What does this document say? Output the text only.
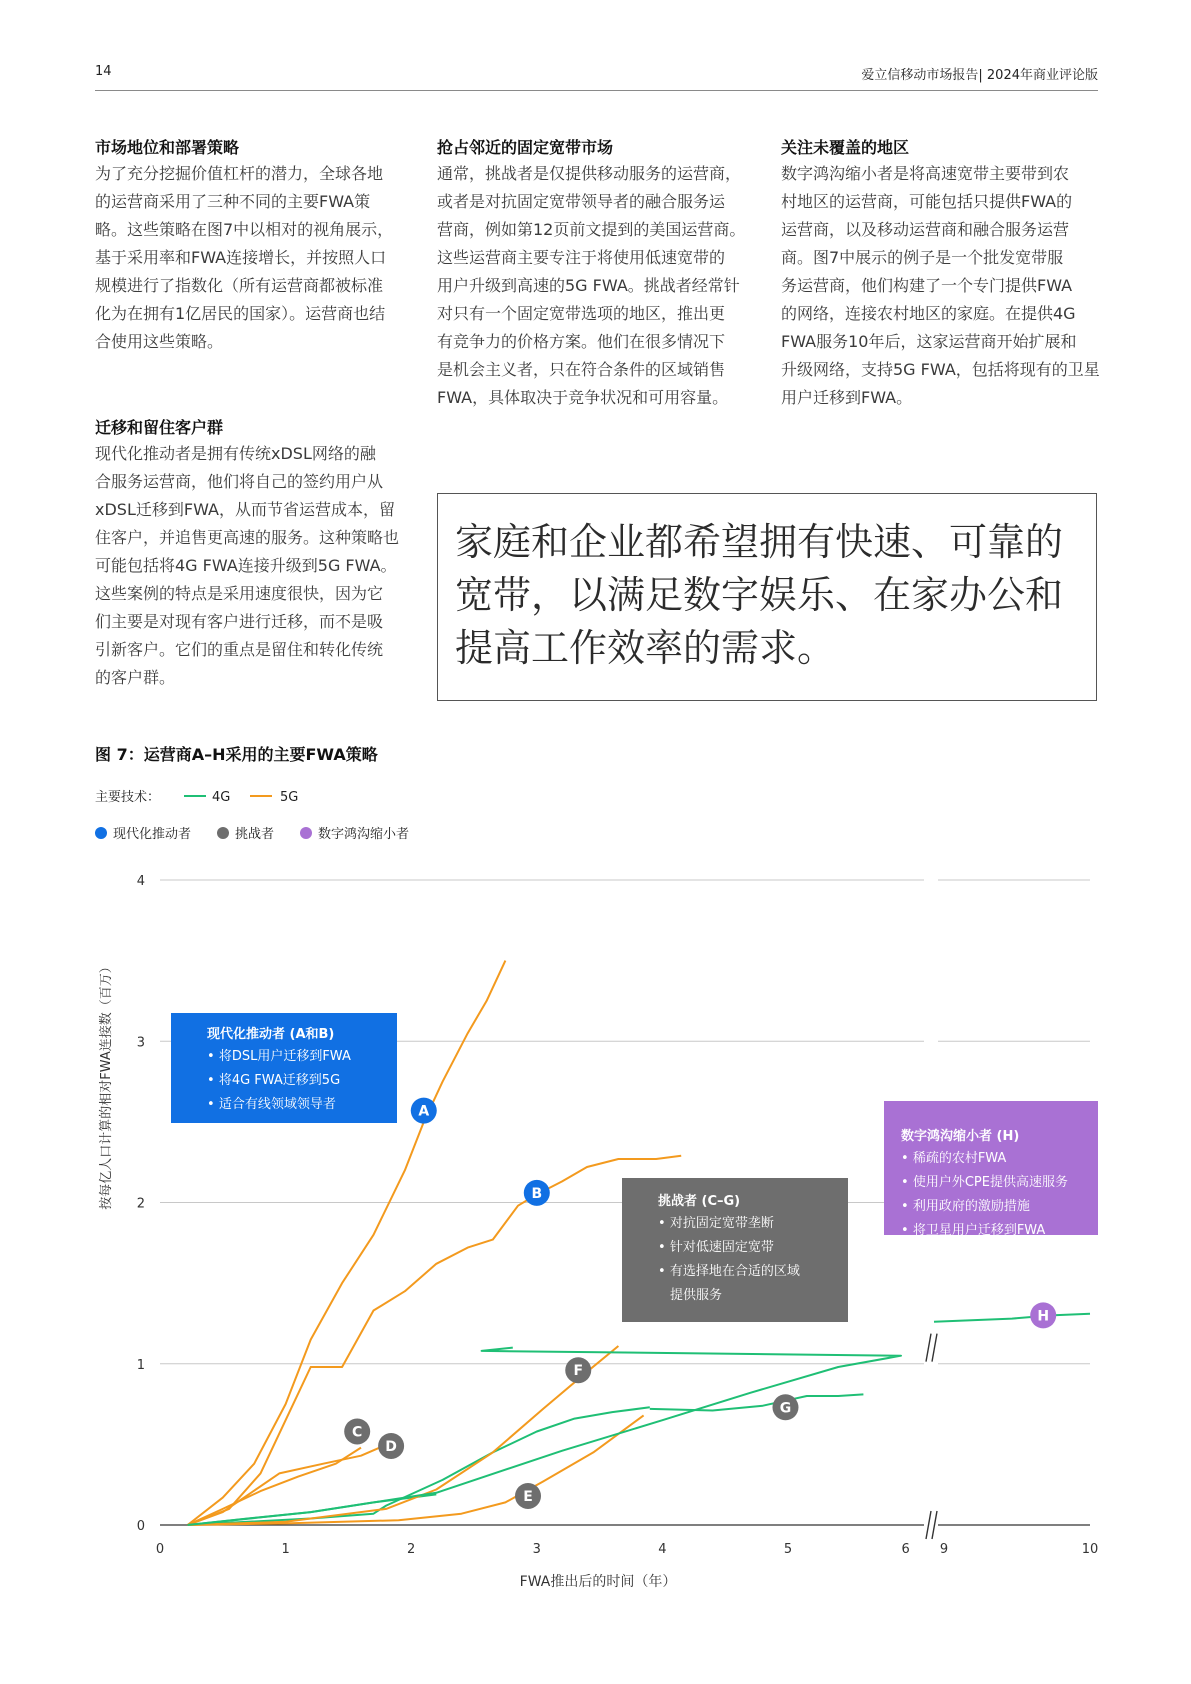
14	爱立信移动市场报告| 2024年商业评论版
市场地位和部署策略
为了充分挖掘价值杠杆的潜力，全球各地
的运营商采用了三种不同的主要FWA策
略。这些策略在图7中以相对的视角展示，
基于采用率和FWA连接增长，并按照人口
规模进行了指数化（所有运营商都被标准
化为在拥有1亿居民的国家）。运营商也结
合使用这些策略。
抢占邻近的固定宽带市场
通常，挑战者是仅提供移动服务的运营商，
或者是对抗固定宽带领导者的融合服务运
营商，例如第12页前文提到的美国运营商。
这些运营商主要专注于将使用低速宽带的
用户升级到高速的5G FWA。挑战者经常针
对只有一个固定宽带选项的地区，推出更
有竞争力的价格方案。他们在很多情况下
是机会主义者，只在符合条件的区域销售
FWA，具体取决于竞争状况和可用容量。
关注未覆盖的地区
数字鸿沟缩小者是将高速宽带主要带到农
村地区的运营商，可能包括只提供FWA的
运营商，以及移动运营商和融合服务运营
商。图7中展示的例子是一个批发宽带服
务运营商，他们构建了一个专门提供FWA
的网络，连接农村地区的家庭。在提供4G
FWA服务10年后，这家运营商开始扩展和
升级网络，支持5G FWA，包括将现有的卫星
用户迁移到FWA。
迁移和留住客户群
现代化推动者是拥有传统xDSL网络的融
合服务运营商，他们将自己的签约用户从
xDSL迁移到FWA，从而节省运营成本，留
住客户，并追售更高速的服务。这种策略也
可能包括将4G FWA连接升级到5G FWA。
这些案例的特点是采用速度很快，因为它
们主要是对现有客户进行迁移，而不是吸
引新客户。它们的重点是留住和转化传统
的客户群。
家庭和企业都希望拥有快速、可靠的
宽带，以满足数字娱乐、在家办公和
提高工作效率的需求。
图 7：运营商A–H采用的主要FWA策略
主要技术：	4G	5G
现代化推动者	挑战者	数字鸿沟缩小者
A
B
C
D
E
F
G
H
0
1
2
3
4
0	1	2	3	4	5	6 9	10
FWA推出后的时间（年）
按每亿人口计算的相对FWA连接数（百万）	现代化推动者 (A和B)
• 将DSL用户迁移到FWA
• 将4G FWA迁移到5G
• 适合有线领域领导者
挑战者 (C–G)
• 对抗固定宽带垄断
• 针对低速固定宽带
• 有选择地在合适的区域
提供服务
数字鸿沟缩小者 (H)
• 稀疏的农村FWA
• 使用户外CPE提供高速服务
• 利用政府的激励措施
• 将卫星用户迁移到FWA
